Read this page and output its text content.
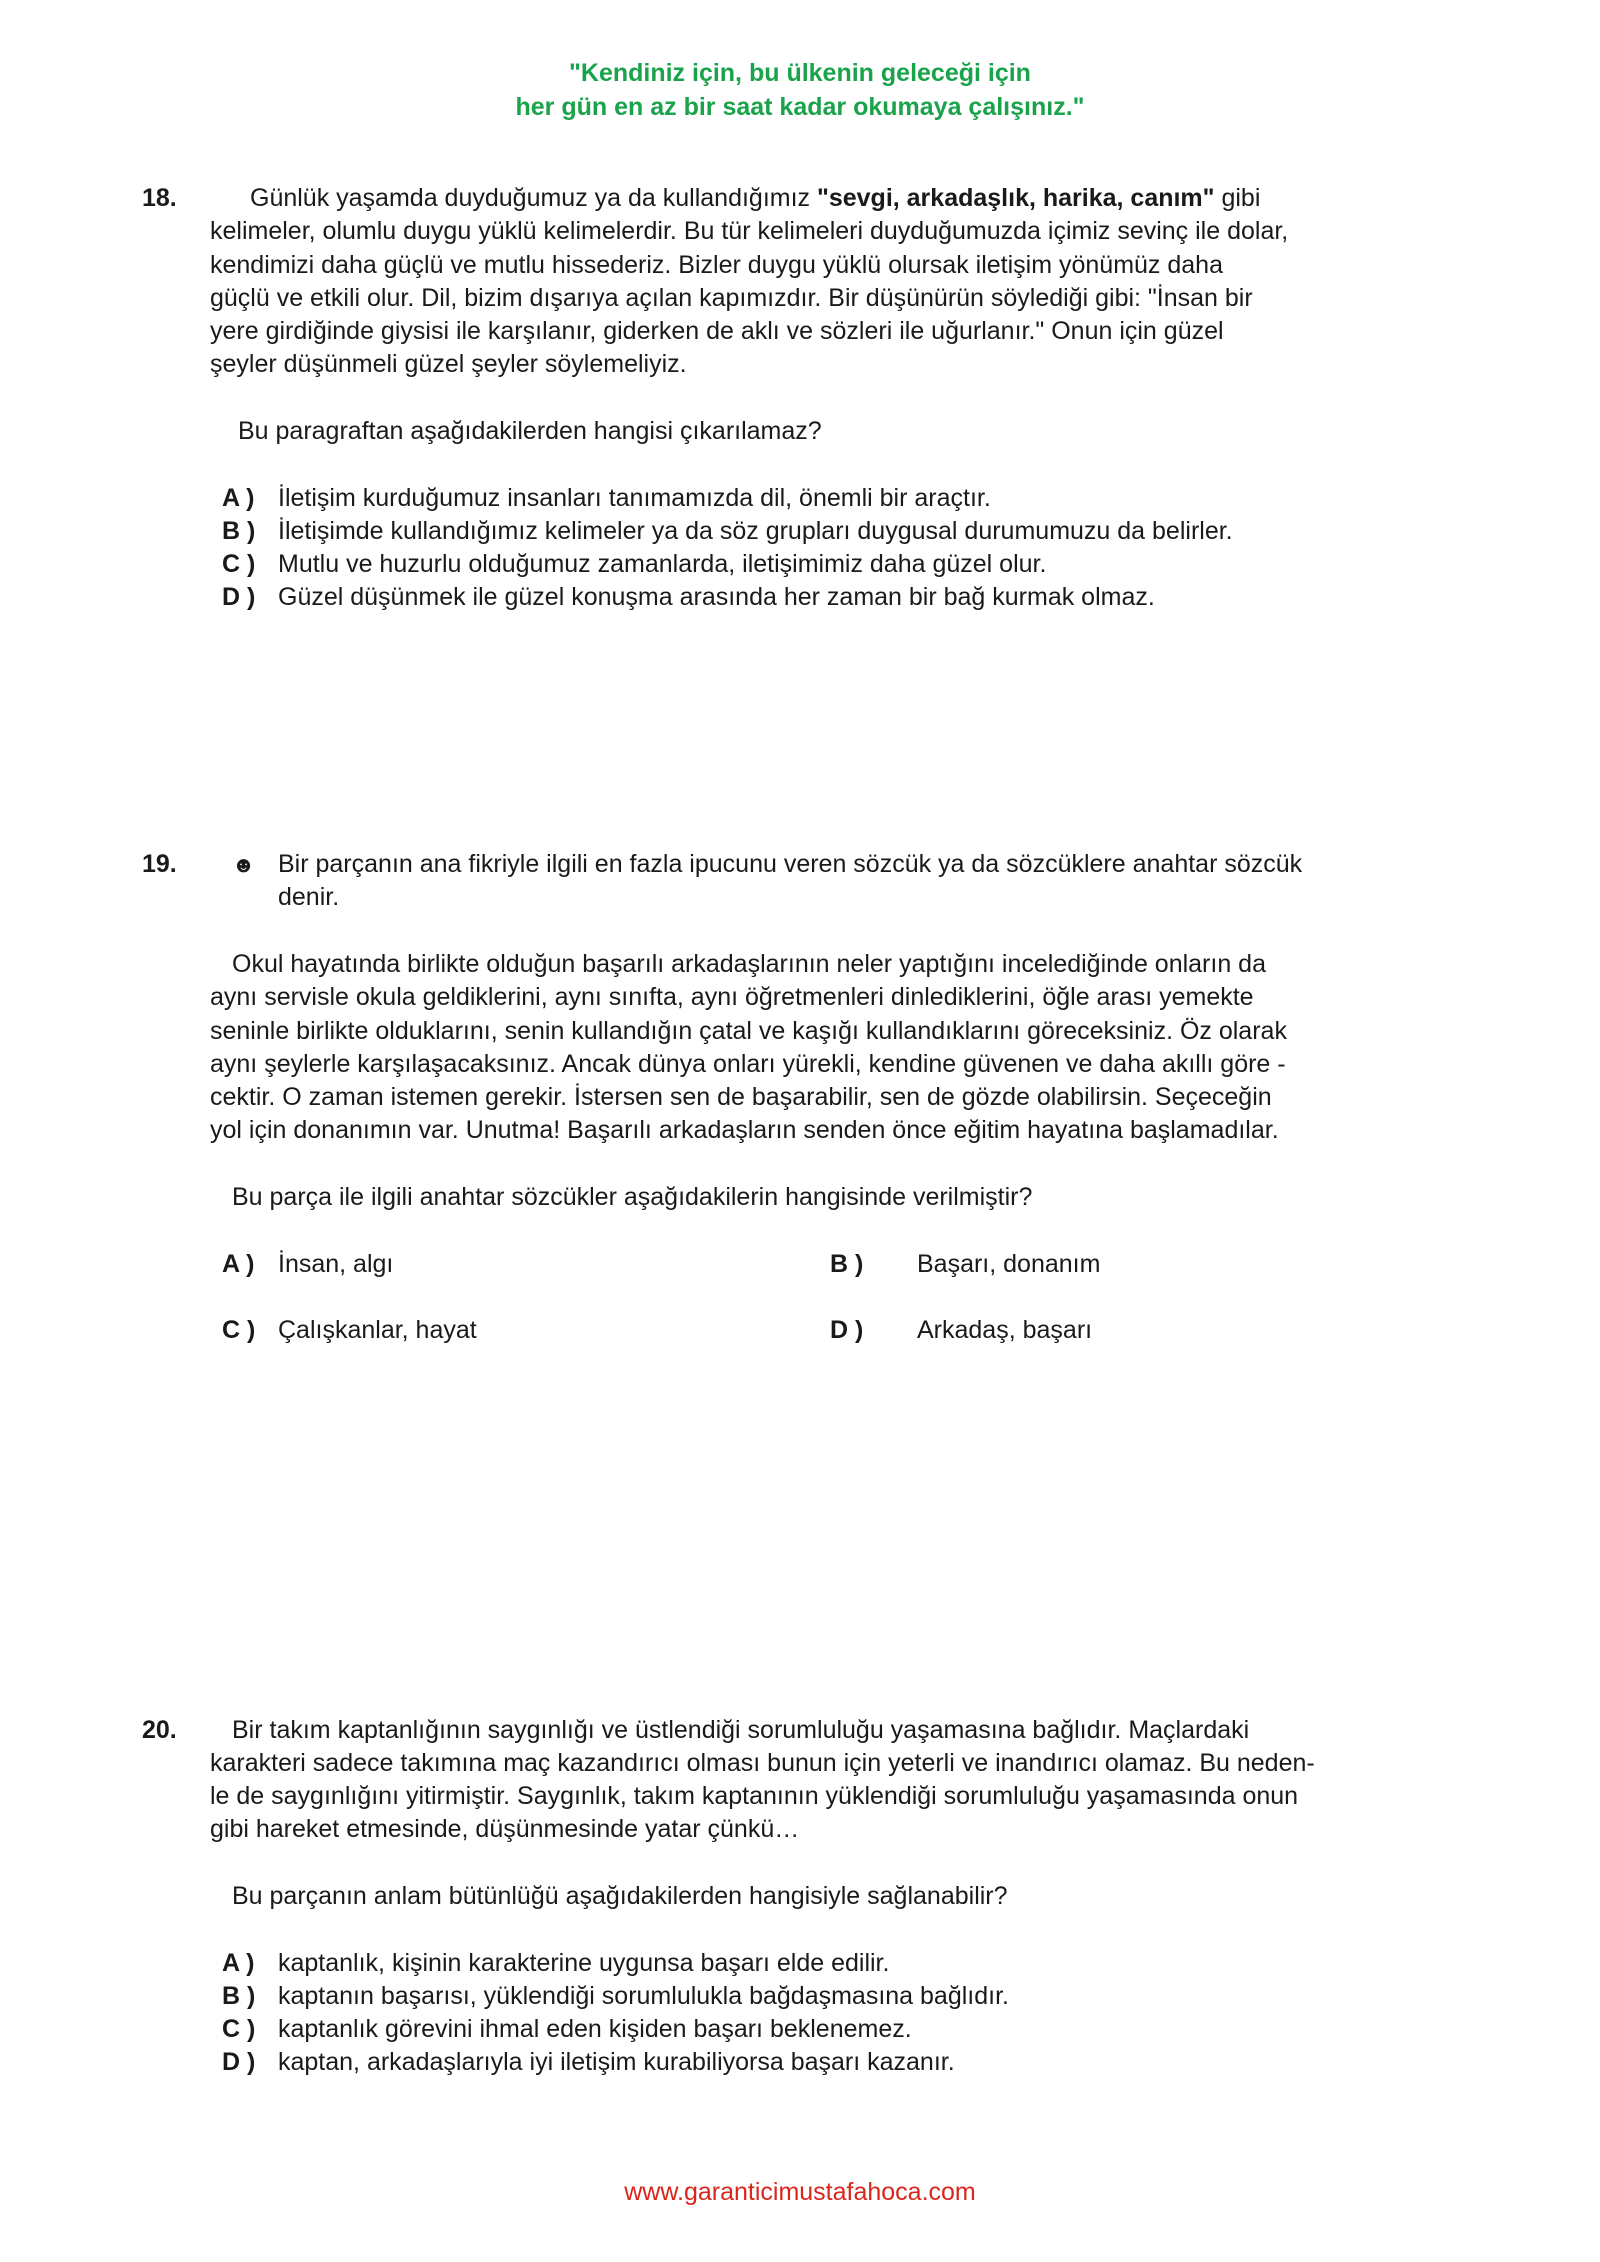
"Kendiniz için, bu ülkenin geleceği için
her gün en az bir saat kadar okumaya çalışınız."
18.	Günlük yaşamda duyduğumuz ya da kullandığımız "sevgi, arkadaşlık, harika, canım" gibi
kelimeler, olumlu duygu yüklü kelimelerdir. Bu tür kelimeleri duyduğumuzda içimiz sevinç ile dolar,
kendimizi daha güçlü ve mutlu hissederiz. Bizler duygu yüklü olursak iletişim yönümüz daha
güçlü ve etkili olur. Dil, bizim dışarıya açılan kapımızdır. Bir düşünürün söylediği gibi: "İnsan bir
yere girdiğinde giysisi ile karşılanır, giderken de aklı ve sözleri ile uğurlanır." Onun için güzel
şeyler düşünmeli güzel şeyler söylemeliyiz.
Bu paragraftan aşağıdakilerden hangisi çıkarılamaz?
A ) İletişim kurduğumuz insanları tanımamızda dil, önemli bir araçtır.
B ) İletişimde kullandığımız kelimeler ya da söz grupları duygusal durumumuzu da belirler.
C ) Mutlu ve huzurlu olduğumuz zamanlarda, iletişimimiz daha güzel olur.
D ) Güzel düşünmek ile güzel konuşma arasında her zaman bir bağ kurmak olmaz.
19.	☻ Bir parçanın ana fikriyle ilgili en fazla ipucunu veren sözcük ya da sözcüklere anahtar sözcük
denir.
Okul hayatında birlikte olduğun başarılı arkadaşlarının neler yaptığını incelediğinde onların da
aynı servisle okula geldiklerini, aynı sınıfta, aynı öğretmenleri dinlediklerini, öğle arası yemekte
seninle birlikte olduklarını, senin kullandığın çatal ve kaşığı kullandıklarını göreceksiniz. Öz olarak
aynı şeylerle karşılaşacaksınız. Ancak dünya onları yürekli, kendine güvenen ve daha akıllı göre -
cektir. O zaman istemen gerekir. İstersen sen de başarabilir, sen de gözde olabilirsin. Seçeceğin
yol için donanımın var. Unutma! Başarılı arkadaşların senden önce eğitim hayatına başlamadılar.
Bu parça ile ilgili anahtar sözcükler aşağıdakilerin hangisinde verilmiştir?
A ) İnsan, algı	B ) Başarı, donanım
C ) Çalışkanlar, hayat	D ) Arkadaş, başarı
20. Bir takım kaptanlığının saygınlığı ve üstlendiği sorumluluğu yaşamasına bağlıdır. Maçlardaki
karakteri sadece takımına maç kazandırıcı olması bunun için yeterli ve inandırıcı olamaz. Bu neden-
le de saygınlığını yitirmiştir. Saygınlık, takım kaptanının yüklendiği sorumluluğu yaşamasında onun
gibi hareket etmesinde, düşünmesinde yatar çünkü…
Bu parçanın anlam bütünlüğü aşağıdakilerden hangisiyle sağlanabilir?
A ) kaptanlık, kişinin karakterine uygunsa başarı elde edilir.
B ) kaptanın başarısı, yüklendiği sorumlulukla bağdaşmasına bağlıdır.
C ) kaptanlık görevini ihmal eden kişiden başarı beklenemez.
D ) kaptan, arkadaşlarıyla iyi iletişim kurabiliyorsa başarı kazanır.
www.garanticimustafahoca.com
